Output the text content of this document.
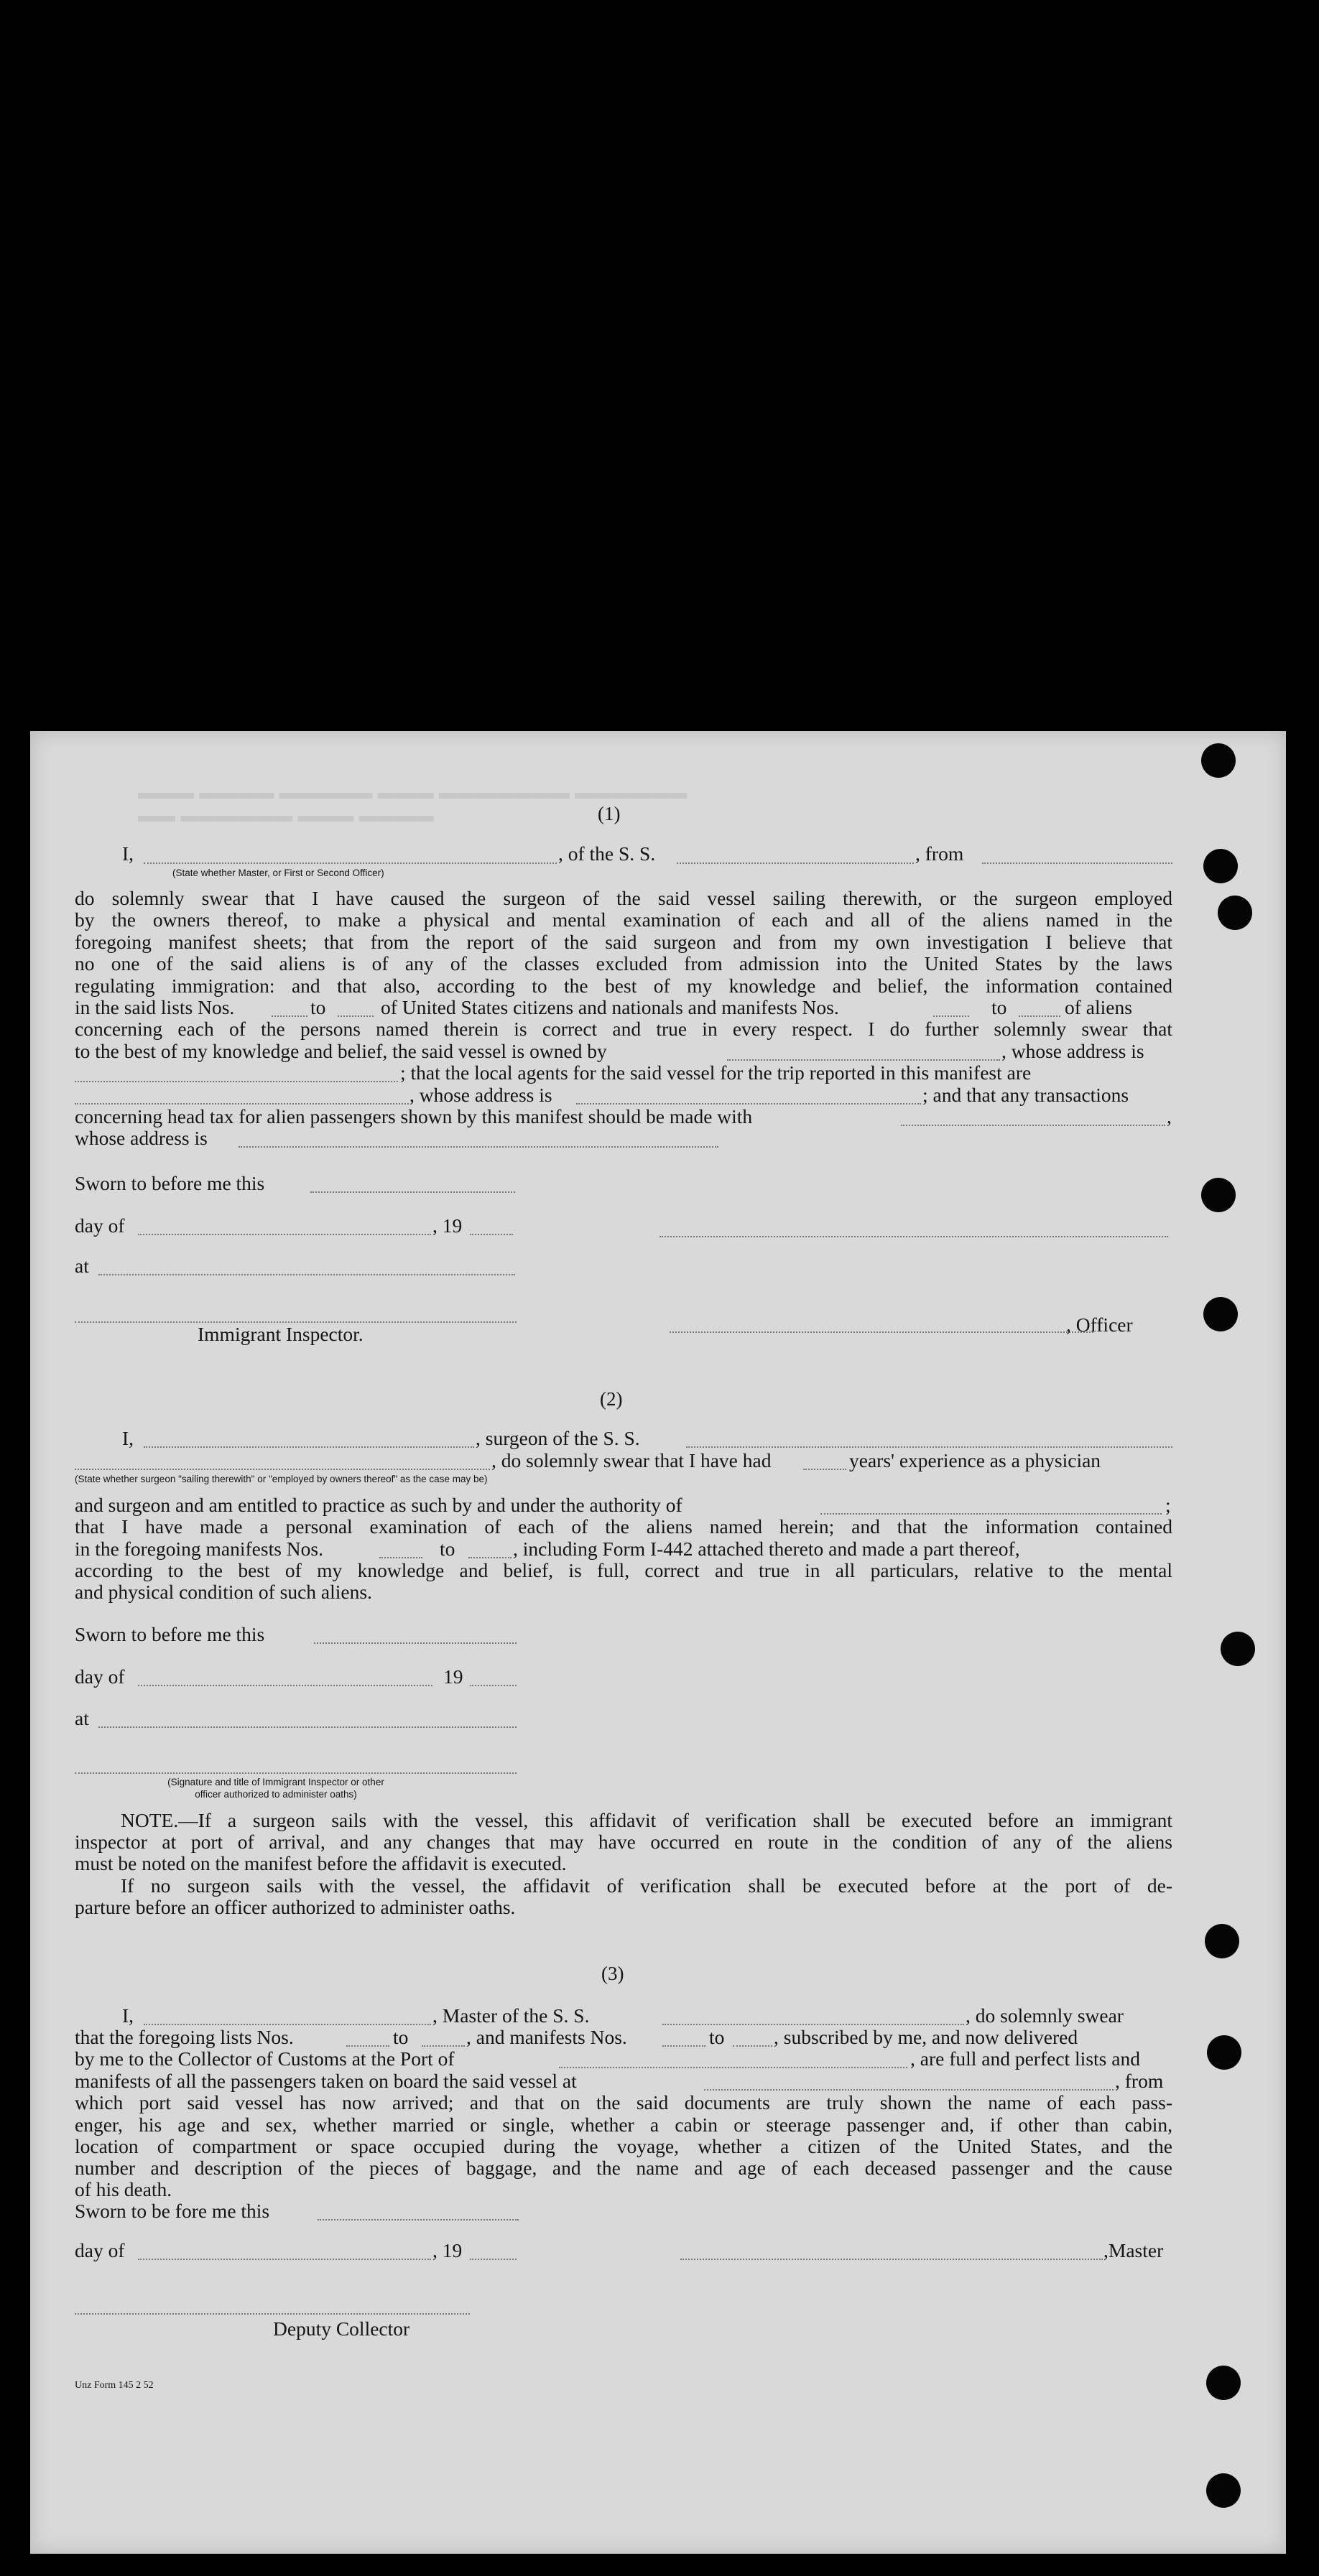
▬▬▬ ▬▬▬▬ ▬▬▬▬▬ ▬▬▬ ▬▬▬▬▬▬▬ ▬▬▬▬▬▬
▬▬ ▬▬▬▬▬▬ ▬▬▬ ▬▬▬▬	(1)
I,	, of the S. S.	, from
(State whether Master, or First or Second Officer)
do solemnly swear that I have caused the surgeon of the said vessel sailing therewith, or the surgeon employed
by the owners thereof, to make a physical and mental examination of each and all of the aliens named in the
foregoing manifest sheets; that from the report of the said surgeon and from my own investigation I believe that
no one of the said aliens is of any of the classes excluded from admission into the United States by the laws
regulating immigration: and that also, according to the best of my knowledge and belief, the information contained
in the said lists Nos.	to	of United States citizens and nationals and manifests Nos.	to	of aliens
concerning each of the persons named therein is correct and true in every respect. I do further solemnly swear that
to the best of my knowledge and belief, the said vessel is owned by	, whose address is
; that the local agents for the said vessel for the trip reported in this manifest are
, whose address is	; and that any transactions
concerning head tax for alien passengers shown by this manifest should be made with	,
whose address is
Sworn to before me this
day of	, 19
at
, Officer
Immigrant Inspector.
(2)
I,	, surgeon of the S. S.
, do solemnly swear that I have had	years' experience as a physician
(State whether surgeon "sailing therewith" or "employed by owners thereof" as the case may be)
and surgeon and am entitled to practice as such by and under the authority of	;
that I have made a personal examination of each of the aliens named herein; and that the information contained
in the foregoing manifests Nos.	to	, including Form I-442 attached thereto and made a part thereof,
according to the best of my knowledge and belief, is full, correct and true in all particulars, relative to the mental
and physical condition of such aliens.
Sworn to before me this
day of	19
at
(Signature and title of Immigrant Inspector or other
officer authorized to administer oaths)
NOTE.—If a surgeon sails with the vessel, this affidavit of verification shall be executed before an immigrant
inspector at port of arrival, and any changes that may have occurred en route in the condition of any of the aliens
must be noted on the manifest before the affidavit is executed.
If no surgeon sails with the vessel, the affidavit of verification shall be executed before at the port of de-
parture before an officer authorized to administer oaths.
(3)
I,	, Master of the S. S.	, do solemnly swear
that the foregoing lists Nos.	to	, and manifests Nos.	to , subscribed by me, and now delivered
by me to the Collector of Customs at the Port of	, are full and perfect lists and
manifests of all the passengers taken on board the said vessel at	, from
which port said vessel has now arrived; and that on the said documents are truly shown the name of each pass-
enger, his age and sex, whether married or single, whether a cabin or steerage passenger and, if other than cabin,
location of compartment or space occupied during the voyage, whether a citizen of the United States, and the
number and description of the pieces of baggage, and the name and age of each deceased passenger and the cause
of his death.
Sworn to be fore me this
day of	, 19	,Master
Deputy Collector
Unz Form 145 2 52
